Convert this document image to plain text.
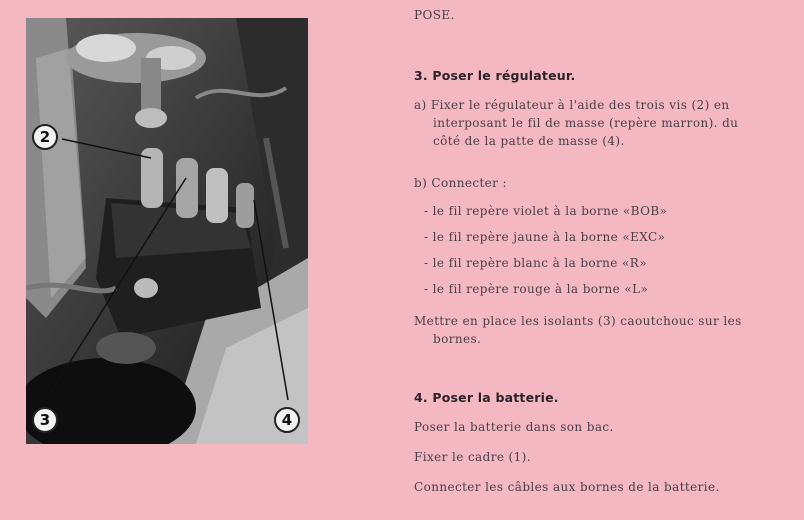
2
3	4
POSE.
3. Poser le régulateur.
a) Fixer le régulateur à l'aide des trois vis (2) en
interposant le fil de masse (repère marron). du
côté de la patte de masse (4).
b) Connecter :
- le fil repère violet à la borne «BOB»
- le fil repère jaune à la borne «EXC»
- le fil repère blanc à la borne «R»
- le fil repère rouge à la borne «L»
Mettre en place les isolants (3) caoutchouc sur les
bornes.
4. Poser la batterie.
Poser la batterie dans son bac.
Fixer le cadre (1).
Connecter les câbles aux bornes de la batterie.
